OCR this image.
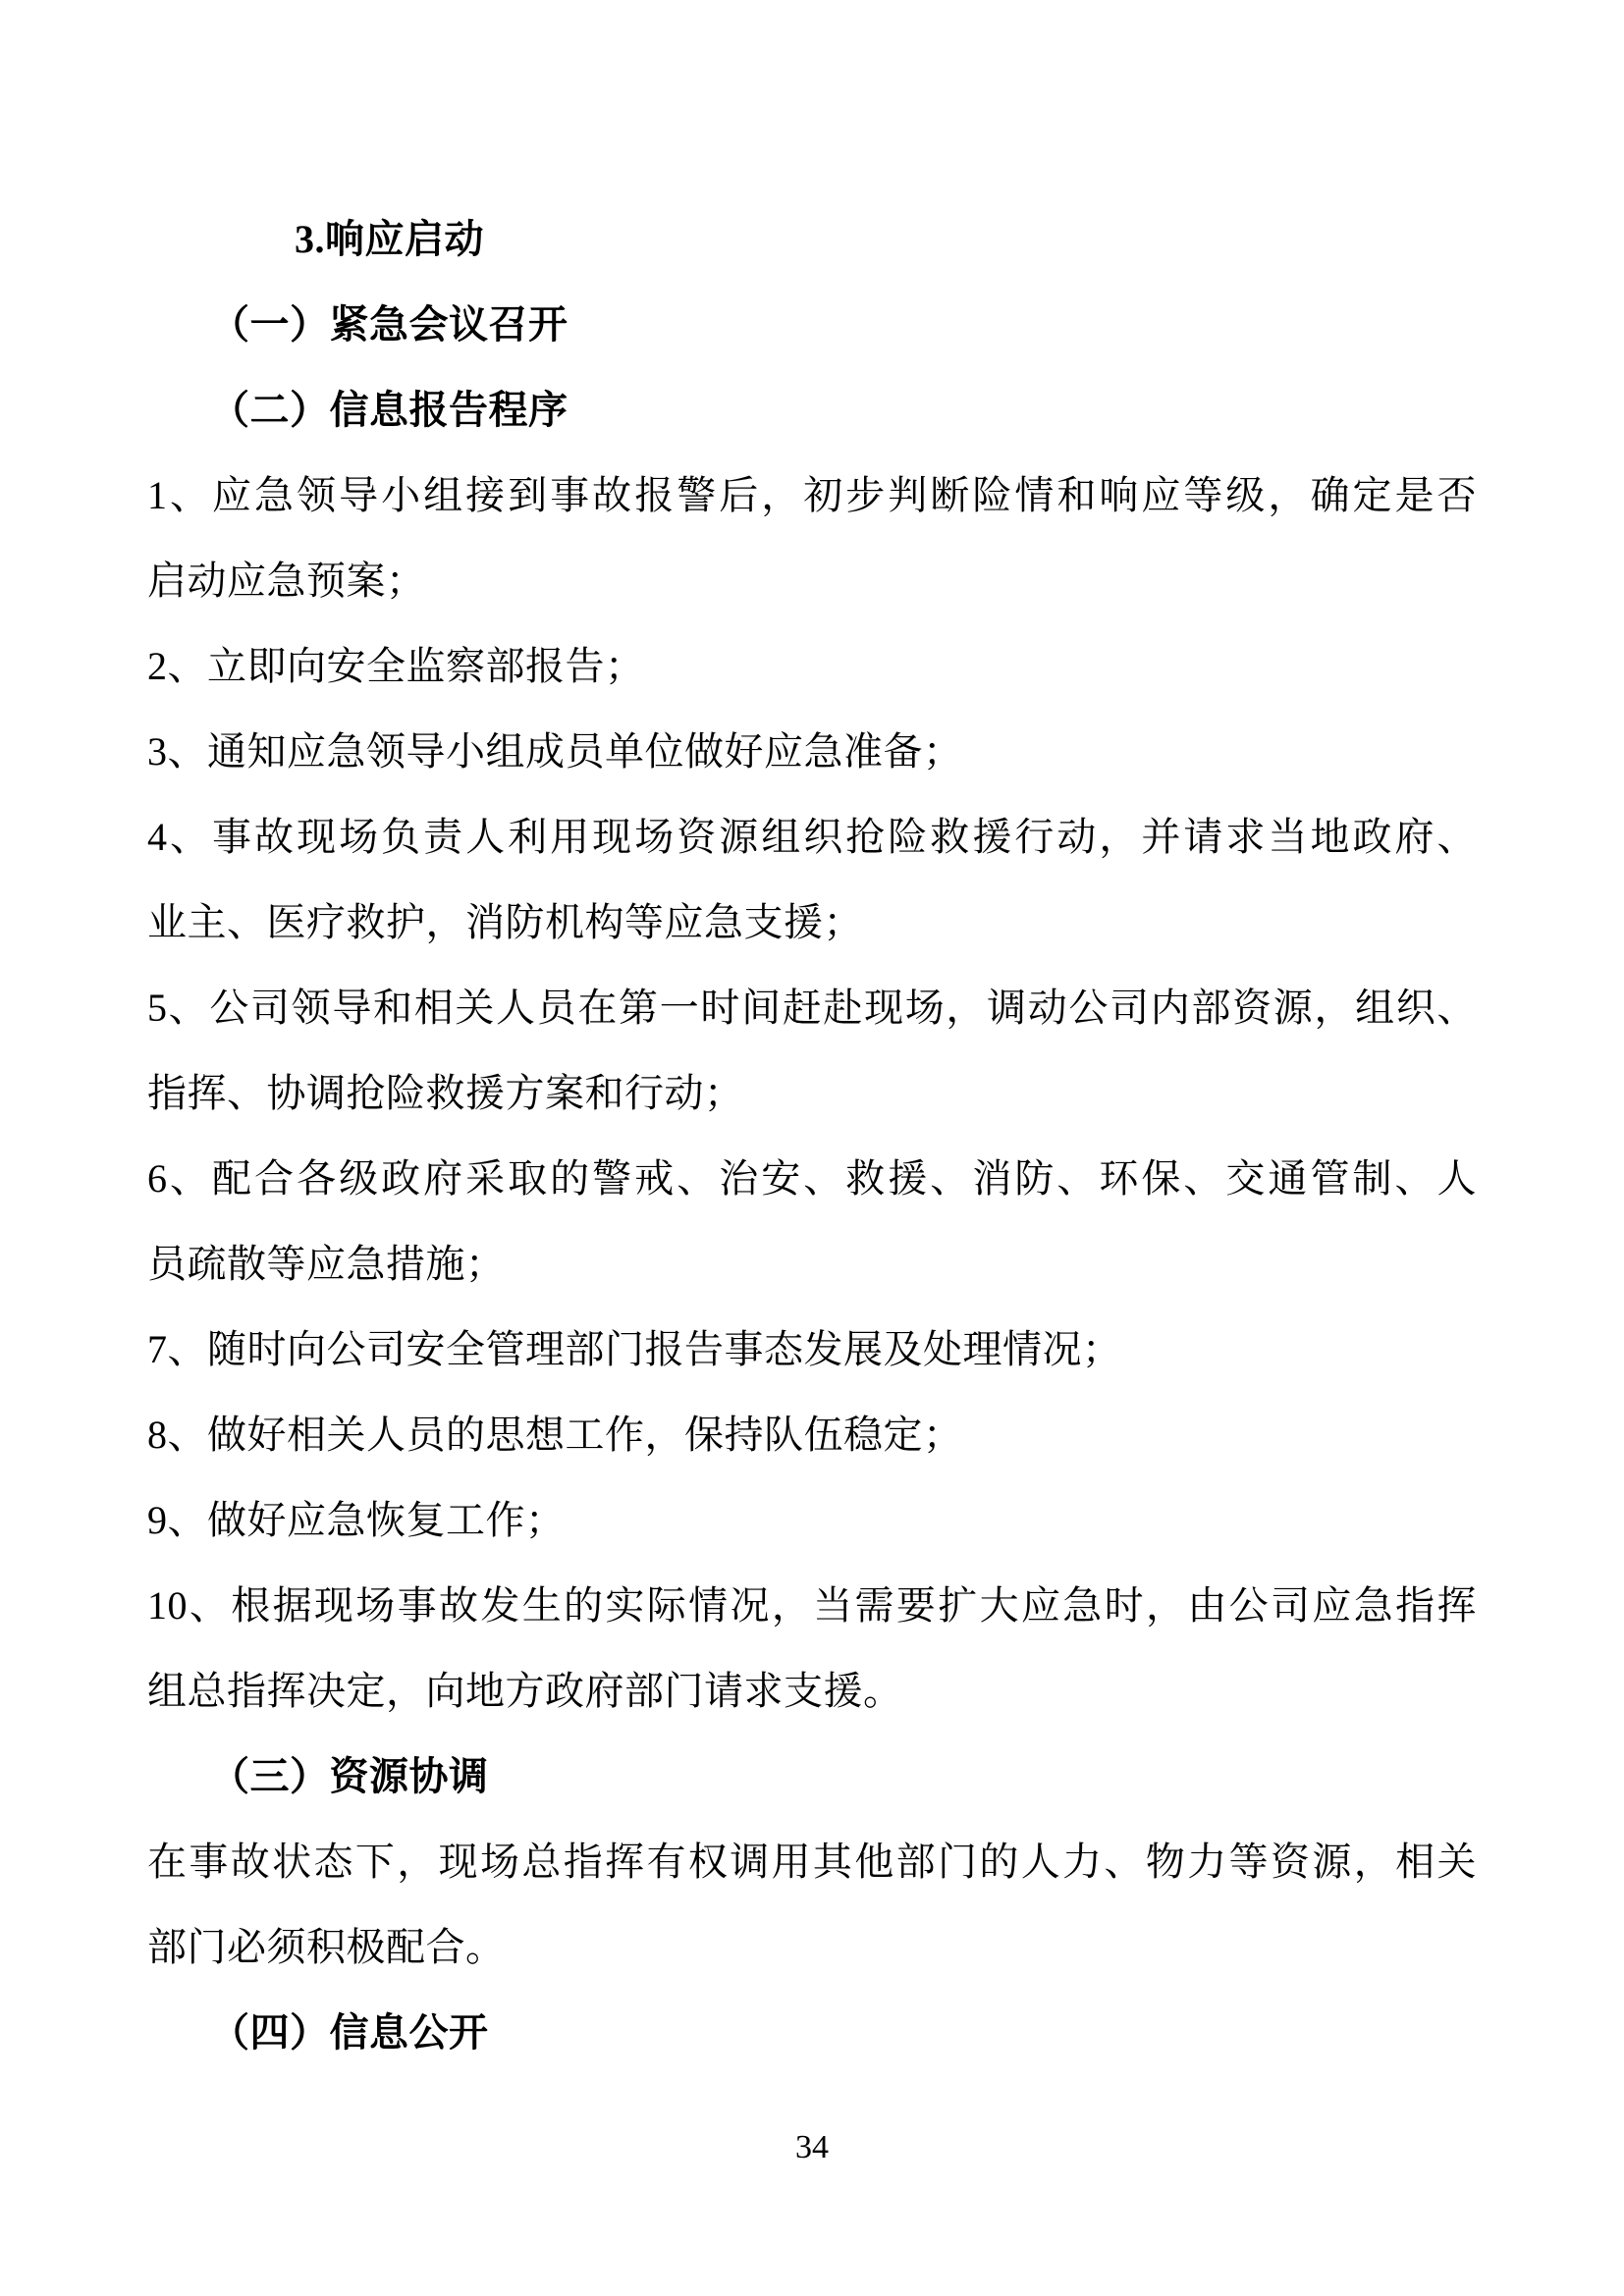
3.响应启动
（一）紧急会议召开
（二）信息报告程序
1、应急领导小组接到事故报警后，初步判断险情和响应等级，确定是否
启动应急预案；
2、立即向安全监察部报告；
3、通知应急领导小组成员单位做好应急准备；
4、事故现场负责人利用现场资源组织抢险救援行动，并请求当地政府、
业主、医疗救护，消防机构等应急支援；
5、公司领导和相关人员在第一时间赶赴现场，调动公司内部资源，组织、
指挥、协调抢险救援方案和行动；
6、配合各级政府采取的警戒、治安、救援、消防、环保、交通管制、人
员疏散等应急措施；
7、随时向公司安全管理部门报告事态发展及处理情况；
8、做好相关人员的思想工作，保持队伍稳定；
9、做好应急恢复工作；
10、根据现场事故发生的实际情况，当需要扩大应急时，由公司应急指挥
组总指挥决定，向地方政府部门请求支援。
（三）资源协调
在事故状态下，现场总指挥有权调用其他部门的人力、物力等资源，相关
部门必须积极配合。
（四）信息公开
34
